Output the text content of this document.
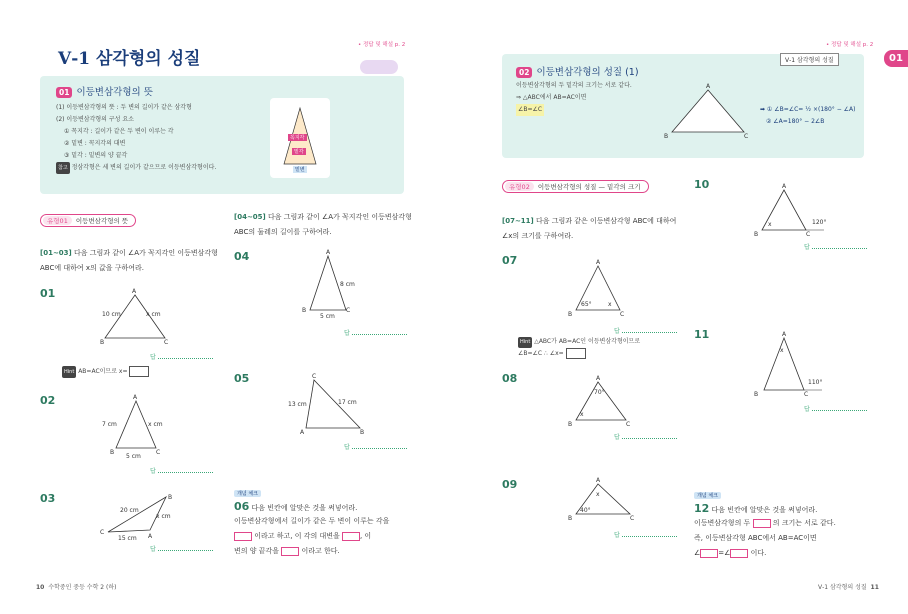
• 정답 및 해설 p. 2
Ⅴ-1 삼각형의 성질
01 이등변삼각형의 뜻
(1) 이등변삼각형의 뜻 : 두 변의 길이가 같은 삼각형
(2) 이등변삼각형의 구성 요소
① 꼭지각 : 길이가 같은 두 변이 이루는 각
② 밑변 : 꼭지각의 대변
③ 밑각 : 밑변의 양 끝각
참고 정삼각형은 세 변의 길이가 같으므로 이등변삼각형이다.
꼭지각
밑각
밑변
유형01 이등변삼각형의 뜻
[01~03] 다음 그림과 같이 ∠A가 꼭지각인 이등변삼각형 ABC에 대하여 x의 값을 구하여라.
[04~05] 다음 그림과 같이 ∠A가 꼭지각인 이등변삼각형 ABC의 둘레의 길이를 구하여라.
01	A
B	C
10 cm	x cm
답
Hint AB=AC이므로 x=
02	A
B	C
7 cm	x cm
5 cm
답
03	B
C
A
20 cm
x cm
15 cm
답
04	A
B	C
8 cm
5 cm
답
05	C
A	B
13 cm	17 cm
답
개념 체크
06 다음 빈칸에 알맞은 것을 써넣어라.
이등변삼각형에서 길이가 같은 두 변이 이루는 각을
이라고 하고, 이 각의 대변을	, 이
변의 양 끝각을	이라고 한다.
10 수학중인 중등 수학 2 (하)
• 정답 및 해설 p. 2
01
02 이등변삼각형의 성질 (1)
Ⅴ-1 삼각형의 성질
이등변삼각형의 두 밑각의 크기는 서로 같다.
⇒ △ABC에서 AB=AC이면
∠B=∠C
A
B	C
➡ ① ∠B=∠C= ½ ×(180° − ∠A)
② ∠A=180° − 2∠B
유형02 이등변삼각형의 성질 — 밑각의 크기
[07~11] 다음 그림과 같은 이등변삼각형 ABC에 대하여 ∠x의 크기를 구하여라.
07	A
B	C
65°	x
답
Hint △ABC가 AB=AC인 이등변삼각형이므로
∠B=∠C ∴ ∠x=
08	A
B	C
70°
x
답
09	A
B	C
40°
x
답
10	A
B	C
120°
x
답
11	A
B	C
110°
x
답
개념 체크
12 다음 빈칸에 알맞은 것을 써넣어라.
이등변삼각형의 두	의 크기는 서로 같다.
즉, 이등변삼각형 ABC에서 AB=AC이면
∠	=∠	이다.
Ⅴ-1 삼각형의 성질 11
